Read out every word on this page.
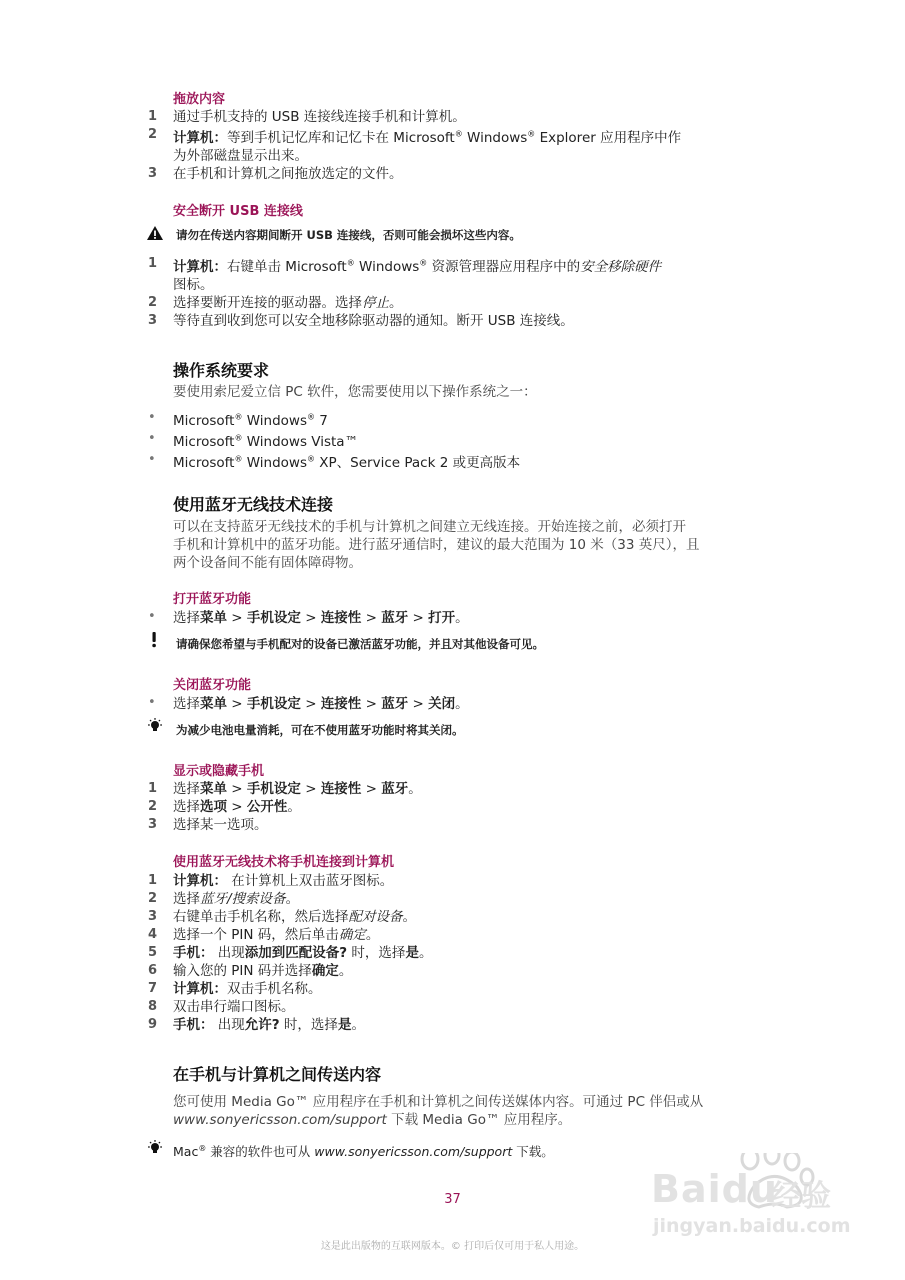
拖放内容
1	通过手机支持的 USB 连接线连接手机和计算机。
2	计算机：等到手机记忆库和记忆卡在 Microsoft® Windows® Explorer 应用程序中作
为外部磁盘显示出来。
3	在手机和计算机之间拖放选定的文件。
安全断开 USB 连接线
请勿在传送内容期间断开 USB 连接线，否则可能会损坏这些内容。
1	计算机：右键单击 Microsoft® Windows® 资源管理器应用程序中的安全移除硬件
图标。
2	选择要断开连接的驱动器。选择停止。
3	等待直到收到您可以安全地移除驱动器的通知。断开 USB 连接线。
操作系统要求
要使用索尼爱立信 PC 软件，您需要使用以下操作系统之一：
•	Microsoft® Windows® 7
•	Microsoft® Windows Vista™
•	Microsoft® Windows® XP、Service Pack 2 或更高版本
使用蓝牙无线技术连接
可以在支持蓝牙无线技术的手机与计算机之间建立无线连接。开始连接之前，必须打开
手机和计算机中的蓝牙功能。进行蓝牙通信时，建议的最大范围为 10 米（33 英尺），且
两个设备间不能有固体障碍物。
打开蓝牙功能
•	选择菜单 > 手机设定 > 连接性 > 蓝牙 > 打开。
请确保您希望与手机配对的设备已激活蓝牙功能，并且对其他设备可见。
关闭蓝牙功能
•	选择菜单 > 手机设定 > 连接性 > 蓝牙 > 关闭。
为减少电池电量消耗，可在不使用蓝牙功能时将其关闭。
显示或隐藏手机
1	选择菜单 > 手机设定 > 连接性 > 蓝牙。
2	选择选项 > 公开性。
3	选择某一选项。
使用蓝牙无线技术将手机连接到计算机
1	计算机： 在计算机上双击蓝牙图标。
2	选择蓝牙/搜索设备。
3	右键单击手机名称，然后选择配对设备。
4	选择一个 PIN 码，然后单击确定。
5	手机： 出现添加到匹配设备? 时，选择是。
6	输入您的 PIN 码并选择确定。
7	计算机：双击手机名称。
8	双击串行端口图标。
9	手机： 出现允许? 时，选择是。
在手机与计算机之间传送内容
您可使用 Media Go™ 应用程序在手机和计算机之间传送媒体内容。可通过 PC 伴侣或从
www.sonyericsson.com/support 下载 Media Go™ 应用程序。
Mac® 兼容的软件也可从 www.sonyericsson.com/support 下载。
37
这是此出版物的互联网版本。© 打印后仅可用于私人用途。
Baidu
经验
jingyan.baidu.com
